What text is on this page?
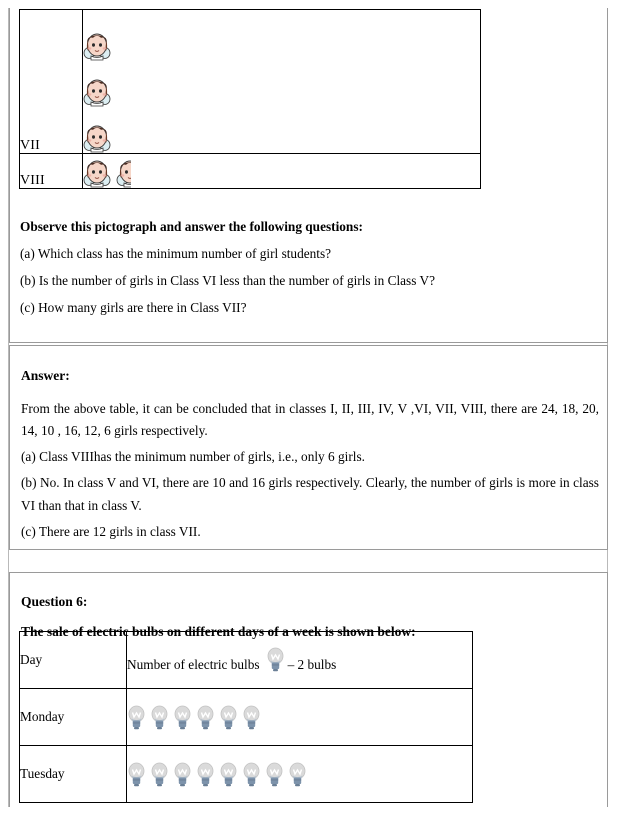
VII	

VIII	

Observe this pictograph and answer the following questions:

(a) Which class has the minimum number of girl students?

(b) Is the number of girls in Class VI less than the number of girls in Class V?

(c) How many girls are there in Class VII?

Answer:

From the above table, it can be concluded that in classes I, II, III, IV, V ,VI, VII, VIII, there are 24, 18, 20, 14, 10 , 16, 12, 6 girls respectively.

(a) Class VIIIhas the minimum number of girls, i.e., only 6 girls.

(b) No. In class V and VI, there are 10 and 16 girls respectively. Clearly, the number of girls is more in class VI than that in class V.

(c) There are 12 girls in class VII.

Question 6:

The sale of electric bulbs on different days of a week is shown below:

Day	Number of electric bulbs – 2 bulbs
Monday	

Tuesday	
